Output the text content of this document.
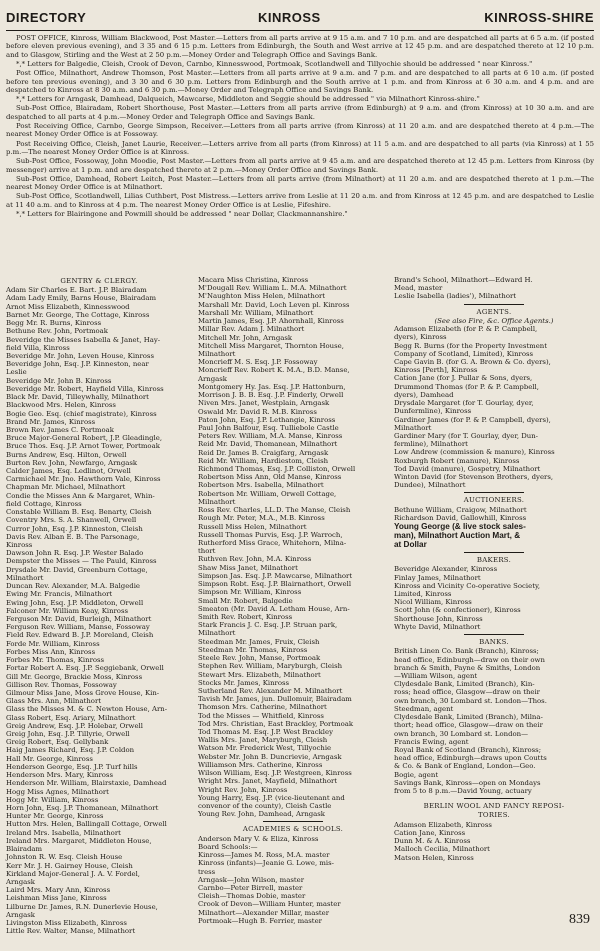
DIRECTORY	KINROSS	KINROSS-SHIRE

POST OFFICE, Kinross, William Blackwood, Post Master.—Letters from all parts arrive at 9 15 a.m. and 7 10 p.m. and are despatched all parts at 6 5 a.m. (if posted before eleven previous evening), and 3 35 and 6 15 p.m. Letters from Edinburgh, the South and West arrive at 12 45 p.m. and are despatched thereto at 12 10 p.m. and to Glasgow, Stirling and the West at 2 50 p.m.—Money Order and Telegraph Office and Savings Bank.

*,* Letters for Balgedie, Cleish, Crook of Devon, Carnbo, Kinnesswood, Portmoak, Scotlandwell and Tillyochie should be addressed " near Kinross."

Post Office, Milnathort, Andrew Thomson, Post Master.—Letters from all parts arrive at 9 a.m. and 7 p.m. and are despatched to all parts at 6 10 a.m. (if posted before ten previous evening), and 3 30 and 6 30 p.m. Letters from Edinburgh and the South arrive at 1 p.m. and from Kinross at 6 30 a.m. and 4 p.m. and are despatched to Kinross at 8 30 a.m. and 6 30 p.m.—Money Order and Telegraph Office and Savings Bank.

*,* Letters for Arngask, Damhead, Dalqueich, Mawcarse, Middleton and Seggie should be addressed " via Milnathort Kinross-shire."

Sub-Post Office, Blairadam, Robert Shorthouse, Post Master.—Letters from all parts arrive (from Edinburgh) at 9 a.m. and (from Kinross) at 10 30 a.m. and are despatched to all parts at 4 p.m.—Money Order and Telegraph Office and Savings Bank.

Post Receiving Office, Carnbo, George Simpson, Receiver.—Letters from all parts arrive (from Kinross) at 11 20 a.m. and are despatched thereto at 4 p.m.—The nearest Money Order Office is at Fossoway.

Post Receiving Office, Cleish, Janet Laurie, Receiver.—Letters arrive from all parts (from Kinross) at 11 5 a.m. and are despatched to all parts (via Kinross) at 1 55 p.m.—The nearest Money Order Office is at Kinross.

Sub-Post Office, Fossoway, John Moodie, Post Master.—Letters from all parts arrive at 9 45 a.m. and are despatched thereto at 12 45 p.m. Letters from Kinross (by messenger) arrive at 1 p.m. and are despatched thereto at 2 p.m.—Money Order Office and Savings Bank.

Sub-Post Office, Damhead, Robert Leitch, Post Master.—Letters from all parts arrive (from Milnathort) at 11 20 a.m. and are despatched thereto at 1 p.m.—The nearest Money Order Office is at Milnathort.

Sub-Post Office, Scotlandwell, Lilias Cuthbert, Post Mistress.—Letters arrive from Leslie at 11 20 a.m. and from Kinross at 12 45 p.m. and are despatched to Leslie at 11 40 a.m. and to Kinross at 4 p.m. The nearest Money Order Office is at Leslie, Fifeshire.

*,* Letters for Blairingone and Powmill should be addressed " near Dollar, Clackmannanshire."

GENTRY & CLERGY.
Adam Sir Charles E. Bart. J.P. Blairadam
Adam Lady Emily, Barns House, Blairadam
Arnot Miss Elizabeth, Kinnesswood
Barnet Mr. George, The Cottage, Kinross
Begg Mr. R. Burns, Kinross
Bethune Rev. John, Portmoak
Beveridge the Misses Isabella & Janet, Hay-
field Villa, Kinross
Beveridge Mr. John, Leven House, Kinross
Beveridge John, Esq. J.P. Kinneston, near
Leslie
Beveridge Mr. John B. Kinross
Beveridge Mr. Robert, Hayfield Villa, Kinross
Black Mr. David, Tilleywhally, Milnathort
Blackwood Mrs. Helen, Kinross
Bogie Geo. Esq. (chief magistrate), Kinross
Brand Mr. James, Kinross
Brown Rev. James C. Portmoak
Bruce Major-General Robert, J.P. Gleadingle,
Bruce Thos. Esq. J.P. Arnot Tower, Portmoak
Burns Andrew, Esq. Hilton, Orwell
Burton Rev. John, Newfargo, Arngask
Calder James, Esq. Ledlinot, Orwell
Carmichael Mr. Jno. Hawthorn Vale, Kinross
Chapman Mr. Michael, Milnathort
Condie the Misses Ann & Margaret, Whin-
field Cottage, Kinross
Constable William B. Esq. Benarty, Cleish
Coventry Mrs. S. A. Shanwell, Orwell
Curror John, Esq. J.P. Kinneston, Cleish
Davis Rev. Alban E. B. The Parsonage,
Kinross
Dawson John R. Esq. J.P. Wester Balado
Dempster the Misses — The Pauld, Kinross
Drysdale Mr. David, Greenburn Cottage,
Milnathort
Duncan Rev. Alexander, M.A. Balgedie
Ewing Mr. Francis, Milnathort
Ewing John, Esq. J.P. Middleton, Orwell
Falconer Mr. William Keay, Kinross
Ferguson Mr. David, Burleigh, Milnathort
Ferguson Rev. William, Manse, Fossoway
Field Rev. Edward B. J.P. Moreland, Cleish
Forde Mr. William, Kinross
Forbes Miss Ann, Kinross
Forbes Mr. Thomas, Kinross
Fortar Robert A. Esq. J.P. Seggiebank, Orwell
Gill Mr. George, Brackie Moss, Kinross
Gillison Rev. Thomas, Fossoway
Gilmour Miss Jane, Moss Grove House, Kin-
Glass Mrs. Ann, Milnathort
Glass the Misses M. & C. Newton House, Arn-
Glass Robert, Esq. Ariary, Milnathort
Greig Andrew, Esq. J.P. Holebar, Orwell
Greig John, Esq. J.P. Tillyrie, Orwell
Greig Robert, Esq. Gellybank
Haig James Richard, Esq. J.P. Coldon
Hall Mr. George, Kinross
Henderson George, Esq. J.P. Turf hills
Henderson Mrs. Mary, Kinross
Henderson Mr. William, Blairstaxie, Damhead
Hogg Miss Agnes, Milnathort
Hogg Mr. William, Kinross
Horn John, Esq. J.P. Thomanean, Milnathort
Hunter Mr. George, Kinross
Hutton Mrs. Helen, Ballingall Cottage, Orwell
Ireland Mrs. Isabella, Milnathort
Ireland Mrs. Margaret, Middleton House,
Blairadam
Johnston R. W. Esq. Cleish House
Kerr Mr. J. H. Gairney House, Cleish
Kirkland Major-General J. A. V. Fordel,
Arngask
Laird Mrs. Mary Ann, Kinross
Leishman Miss Jane, Kinross
Lilburne Dr. James, R.N. Dunerlevie House,
Arngask
Livingston Miss Elizabeth, Kinross
Little Rev. Walter, Manse, Milnathort
Macara Miss Christina, Kinross
M'Dougall Rev. William L. M.A. Milnathort
M'Naughton Miss Helen, Milnathort
Marshall Mr. David, Loch Leven pl. Kinross
Marshall Mr. William, Milnathort
Martin James, Esq. J.P. Ahornhall, Kinross
Millar Rev. Adam J. Milnathort
Mitchell Mr. John, Arngask
Mitchell Miss Margaret, Thornton House,
Milnathort
Moncrieff M. S. Esq. J.P. Fossoway
Moncrieff Rev. Robert K. M.A., B.D. Manse,
Arngask
Montgomery Hy. Jas. Esq. J.P. Hattonburn,
Morrison J. B. B. Esq. J.P. Finderly, Orwell
Niven Mrs. Janet, Westplain, Arngask
Oswald Mr. David R. M.B. Kinross
Paton John, Esq. J.P. Lethangie, Kinross
Paul John Balfour, Esq. Tulliebole Castle
Peters Rev. William, M.A. Manse, Kinross
Reid Mr. David, Thomanean, Milnathort
Reid Dr. James B. Craigfarg, Arngask
Reid Mr. William, Hardiestom, Cleish
Richmond Thomas, Esq. J.P. Colliston, Orwell
Robertson Miss Ann, Old Manse, Kinross
Robertson Mrs. Isabella, Milnathort
Robertson Mr. William, Orwell Cottage,
Milnathort
Ross Rev. Charles, LL.D. The Manse, Cleish
Rough Mr. Peter, M.A., M.B. Kinross
Russell Miss Helen, Milnathort
Russell Thomas Purvis, Esq. J.P. Warroch,
Rutherford Miss Grace, Whitehorn, Milna-
thort
Ruthven Rev. John, M.A. Kinross
Shaw Miss Janet, Milnathort
Simpson Jas. Esq. J.P. Mawcarse, Milnathort
Simpson Robt. Esq. J.P. Blairnathort, Orwell
Simpson Mr. William, Kinross
Small Mr. Robert, Balgedie
Smeaton (Mr. David A. Letham House, Arn-
Smith Rev. Robert, Kinross
Stark Francis J. C. Esq. J.P. Struan park,
Milnathort
Steedman Mr. James, Fruix, Cleish
Steedman Mr. Thomas, Kinross
Steele Rev. John, Manse, Portmoak
Stephen Rev. William, Maryburgh, Cleish
Stewart Mrs. Elizabeth, Milnathort
Stocks Mr. James, Kinross
Sutherland Rev. Alexander M. Milnathort
Tavish Mr. James, jun. Dullomuir, Blairadam
Thomson Mrs. Catherine, Milnathort
Tod the Misses — Whitfield, Kinross
Tod Mrs. Christian, East Brackley, Portmoak
Tod Thomas M. Esq. J.P. West Brackley
Wallis Mrs. Janet, Maryburgh, Cleish
Watson Mr. Frederick West, Tillyochie
Webster Mr. John B. Duncrievie, Arngask
Williamson Mrs. Catherine, Kinross
Wilson William, Esq. J.P. Westgreen, Kinross
Wright Mrs. Janet, Mayfield, Milnathort
Wright Rev. John, Kinross
Young Harry, Esq. J.P. (vice-lieutenant and
convenor of the county), Cleish Castle
Young Rev. John, Damhead, Arngask
ACADEMIES & SCHOOLS.
Anderson Mary V. & Eliza, Kinross
Board Schools:—
Kinross—James M. Ross, M.A. master
Kinross (infants)—Jeanie G. Lowe, mis-
tress
Arngask—John Wilson, master
Carnbo—Peter Birrell, master
Cleish—Thomas Dobie, master
Crook of Devon—William Hunter, master
Milnathort—Alexander Millar, master
Portmoak—Hugh B. Ferrier, master
Brand's School, Milnathort—Edward H.
Mead, master
Leslie Isabella (ladies'), Milnathort
AGENTS.
(See also Fire, &c. Office Agents.)
Adamson Elizabeth (for P. & P. Campbell,
dyers), Kinross
Begg R. Burns (for the Property Investment
Company of Scotland, Limited), Kinross
Cape Gavin B. (for G. A. Brown & Co. dyers),
Kinross [Perth], Kinross
Cation Jane (for J. Pullar & Sons, dyers,
Drummond Thomas (for P. & P. Campbell,
dyers), Damhead
Drysdale Margaret (for T. Gourlay, dyer,
Dunfermline), Kinross
Gardiner James (for P. & P. Campbell, dyers),
Milnathort
Gardiner Mary (for T. Gourlay, dyer, Dun-
fermline), Milnathort
Low Andrew (commission & manure), Kinross
Roxburgh Robert (manure), Kinross
Tod David (manure), Gospetry, Milnathort
Winton David (for Stevenson Brothers, dyers,
Dundee), Milnathort
AUCTIONEERS.
Bethune William, Craigow, Milnathort
Richardson David, Gallowhill, Kinross
Young George (& live stock sales-
man), Milnathort Auction Mart, &
at Dollar
BAKERS.
Beveridge Alexander, Kinross
Finlay James, Milnathort
Kinross and Vicinity Co-operative Society,
Limited, Kinross
Nicol William, Kinross
Scott John (& confectioner), Kinross
Shorthouse John, Kinross
Whyte David, Milnathort
BANKS.
British Linen Co. Bank (Branch), Kinross;
head office, Edinburgh—draw on their own
branch & Smith, Payne & Smiths, London
—William Wilson, agent
Clydesdale Bank, Limited (Branch), Kin-
ross; head office, Glasgow—draw on their
own branch, 30 Lombard st. London—Thos.
Steedman, agent
Clydesdale Bank, Limited (Branch), Milna-
thort; head office, Glasgow—draw on their
own branch, 30 Lombard st. London—
Francis Ewing, agent
Royal Bank of Scotland (Branch), Kinross;
head office, Edinburgh—draws upon Coutts
& Co. & Bank of England, London—Geo.
Bogie, agent
Savings Bank, Kinross—open on Mondays
from 5 to 8 p.m.—David Young, actuary
BERLIN WOOL AND FANCY REPOSI-
TORIES.
Adamson Elizabeth, Kinross
Cation Jane, Kinross
Dunn M. & A. Kinross
Malloch Cecilia, Milnathort
Matson Helen, Kinross
839
